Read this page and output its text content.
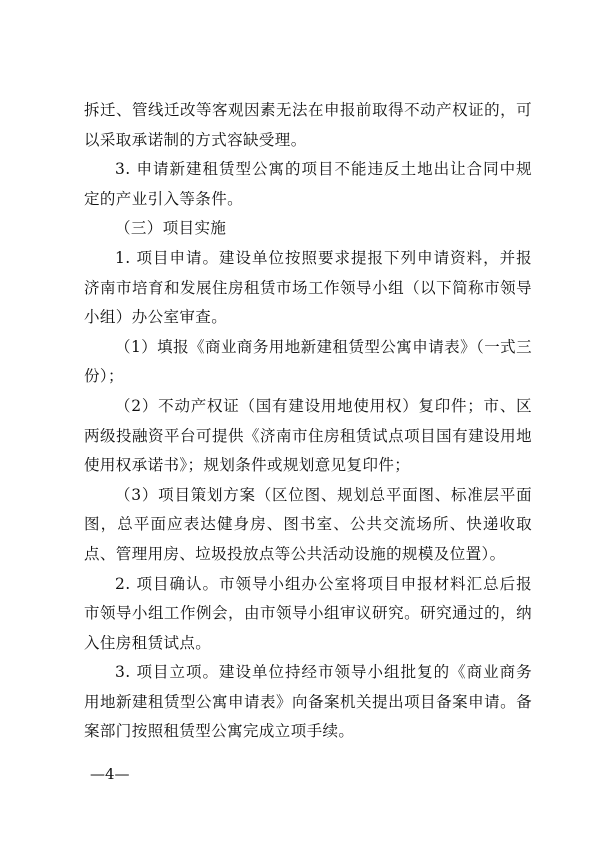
拆迁、管线迁改等客观因素无法在申报前取得不动产权证的，可以采取承诺制的方式容缺受理。

3. 申请新建租赁型公寓的项目不能违反土地出让合同中规定的产业引入等条件。

（三）项目实施

1. 项目申请。建设单位按照要求提报下列申请资料，并报济南市培育和发展住房租赁市场工作领导小组（以下简称市领导小组）办公室审查。

（1）填报《商业商务用地新建租赁型公寓申请表》（一式三份）；

（2）不动产权证（国有建设用地使用权）复印件；市、区两级投融资平台可提供《济南市住房租赁试点项目国有建设用地使用权承诺书》；规划条件或规划意见复印件；

（3）项目策划方案（区位图、规划总平面图、标准层平面图，总平面应表达健身房、图书室、公共交流场所、快递收取点、管理用房、垃圾投放点等公共活动设施的规模及位置）。

2. 项目确认。市领导小组办公室将项目申报材料汇总后报市领导小组工作例会，由市领导小组审议研究。研究通过的，纳入住房租赁试点。

3. 项目立项。建设单位持经市领导小组批复的《商业商务用地新建租赁型公寓申请表》向备案机关提出项目备案申请。备案部门按照租赁型公寓完成立项手续。

—4—
